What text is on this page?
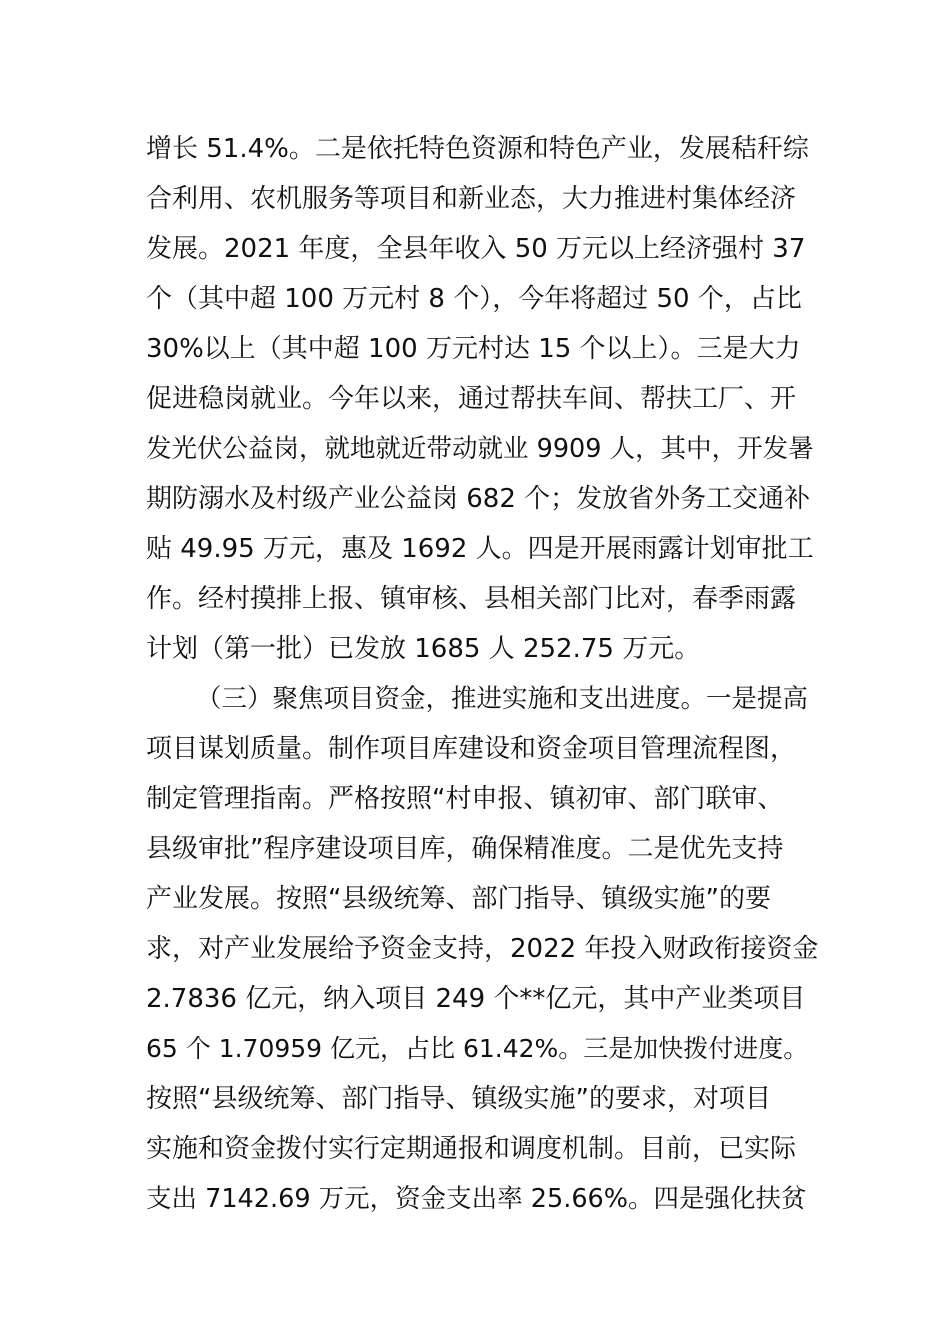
增长 51.4%。二是依托特色资源和特色产业，发展秸秆综
合利用、农机服务等项目和新业态，大力推进村集体经济
发展。2021 年度，全县年收入 50 万元以上经济强村 37
个（其中超 100 万元村 8 个），今年将超过 50 个，占比
30%以上（其中超 100 万元村达 15 个以上）。三是大力
促进稳岗就业。今年以来，通过帮扶车间、帮扶工厂、开
发光伏公益岗，就地就近带动就业 9909 人，其中，开发暑
期防溺水及村级产业公益岗 682 个；发放省外务工交通补
贴 49.95 万元，惠及 1692 人。四是开展雨露计划审批工
作。经村摸排上报、镇审核、县相关部门比对，春季雨露
计划（第一批）已发放 1685 人 252.75 万元。
（三）聚焦项目资金，推进实施和支出进度。一是提高
项目谋划质量。制作项目库建设和资金项目管理流程图，
制定管理指南。严格按照“村申报、镇初审、部门联审、
县级审批”程序建设项目库，确保精准度。二是优先支持
产业发展。按照“县级统筹、部门指导、镇级实施”的要
求，对产业发展给予资金支持，2022 年投入财政衔接资金
2.7836 亿元，纳入项目 249 个**亿元，其中产业类项目
65 个 1.70959 亿元，占比 61.42%。三是加快拨付进度。
按照“县级统筹、部门指导、镇级实施”的要求，对项目
实施和资金拨付实行定期通报和调度机制。目前，已实际
支出 7142.69 万元，资金支出率 25.66%。四是强化扶贫
